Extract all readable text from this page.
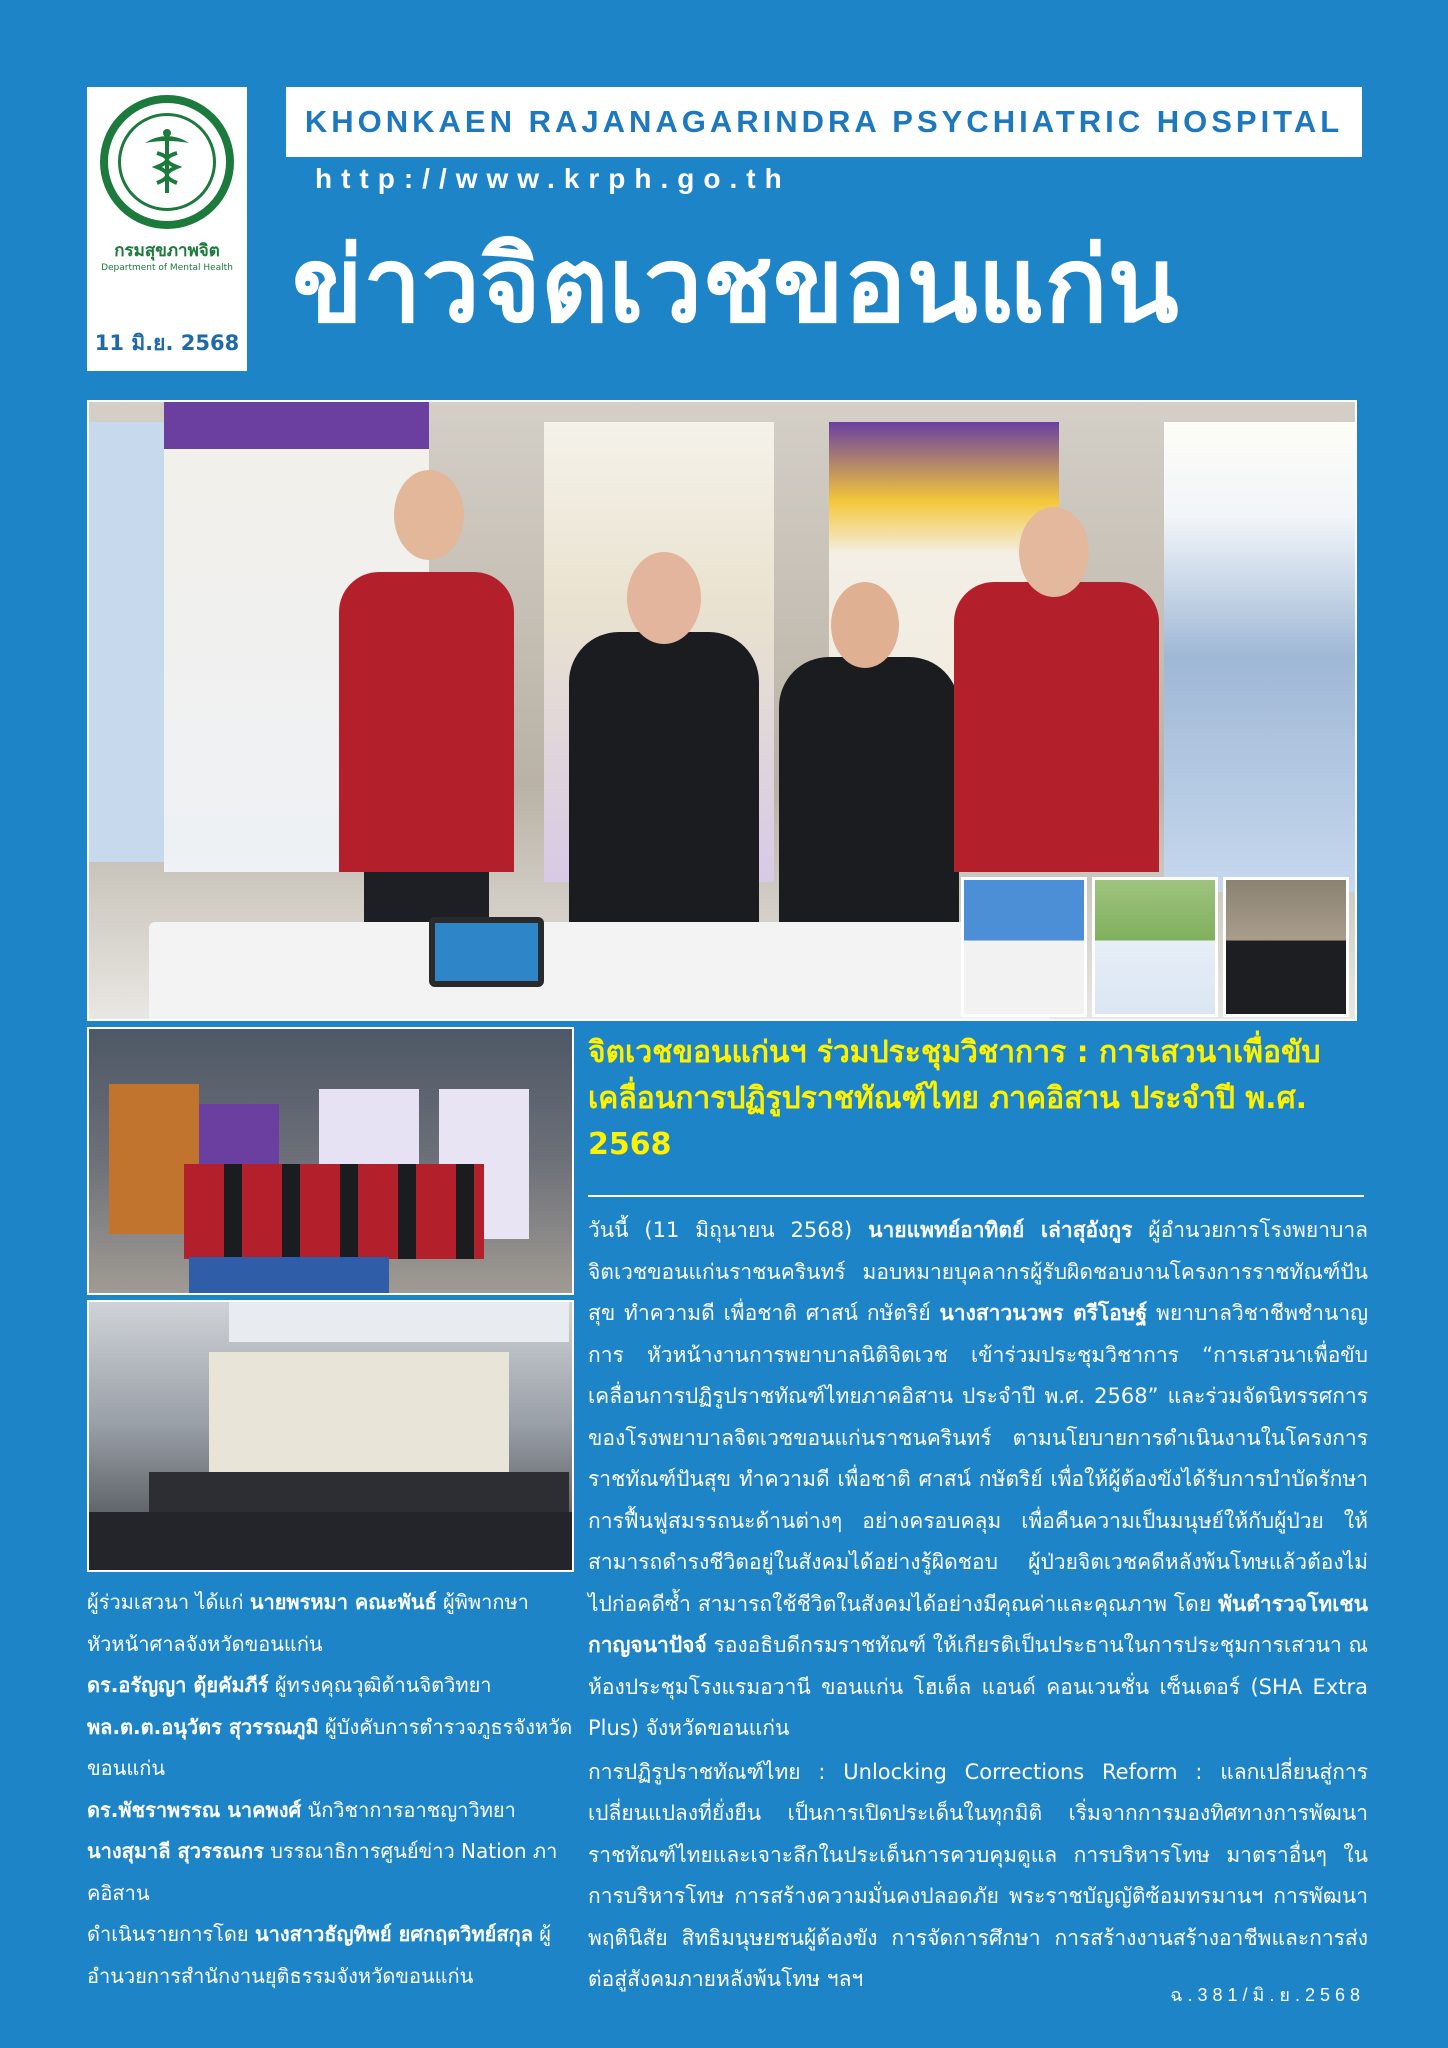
กรมสุขภาพจิต
Department of Mental Health
11 มิ.ย. 2568
KHONKAEN RAJANAGARINDRA PSYCHIATRIC HOSPITAL
http://www.krph.go.th
ข่าวจิตเวชขอนแก่น
จิตเวชขอนแก่นฯ ร่วมประชุมวิชาการ : การเสวนาเพื่อขับเคลื่อนการปฏิรูปราชทัณฑ์ไทย ภาคอิสาน ประจำปี พ.ศ. 2568

วันนี้ (11 มิถุนายน 2568) นายแพทย์อาทิตย์ เล่าสุอังกูร ผู้อำนวยการโรงพยาบาลจิตเวชขอนแก่นราชนครินทร์ มอบหมายบุคลากรผู้รับผิดชอบงานโครงการราชทัณฑ์ปันสุข ทำความดี เพื่อชาติ ศาสน์ กษัตริย์ นางสาวนวพร ตรีโอษฐ์ พยาบาลวิชาชีพชำนาญการ หัวหน้างานการพยาบาลนิติจิตเวช เข้าร่วมประชุมวิชาการ “การเสวนาเพื่อขับเคลื่อนการปฏิรูปราชทัณฑ์ไทยภาคอิสาน ประจำปี พ.ศ. 2568” และร่วมจัดนิทรรศการของโรงพยาบาลจิตเวชขอนแก่นราชนครินทร์ ตามนโยบายการดำเนินงานในโครงการราชทัณฑ์ปันสุข ทำความดี เพื่อชาติ ศาสน์ กษัตริย์ เพื่อให้ผู้ต้องขังได้รับการบำบัดรักษา การฟื้นฟูสมรรถนะด้านต่างๆ อย่างครอบคลุม เพื่อคืนความเป็นมนุษย์ให้กับผู้ป่วย ให้สามารถดำรงชีวิตอยู่ในสังคมได้อย่างรู้ผิดชอบ ผู้ป่วยจิตเวชคดีหลังพ้นโทษแล้วต้องไม่ไปก่อคดีซ้ำ สามารถใช้ชีวิตในสังคมได้อย่างมีคุณค่าและคุณภาพ โดย พันตำรวจโทเชน กาญจนาปัจจ์ รองอธิบดีกรมราชทัณฑ์ ให้เกียรติเป็นประธานในการประชุมการเสวนา ณ ห้องประชุมโรงแรมอวานี ขอนแก่น โฮเต็ล แอนด์ คอนเวนชั่น เซ็นเตอร์ (SHA Extra Plus) จังหวัดขอนแก่น

การปฏิรูปราชทัณฑ์ไทย : Unlocking Corrections Reform : แลกเปลี่ยนสู่การเปลี่ยนแปลงที่ยั่งยืน เป็นการเปิดประเด็นในทุกมิติ เริ่มจากการมองทิศทางการพัฒนาราชทัณฑ์ไทยและเจาะลึกในประเด็นการควบคุมดูแล การบริหารโทษ มาตราอื่นๆ ในการบริหารโทษ การสร้างความมั่นคงปลอดภัย พระราชบัญญัติซ้อมทรมานฯ การพัฒนาพฤตินิสัย สิทธิมนุษยชนผู้ต้องขัง การจัดการศึกษา การสร้างงานสร้างอาชีพและการส่งต่อสู่สังคมภายหลังพ้นโทษ ฯลฯ

ผู้ร่วมเสวนา ได้แก่ นายพรหมา คณะพันธ์ ผู้พิพากษาหัวหน้าศาลจังหวัดขอนแก่น
ดร.อรัญญา ตุ้ยคัมภีร์ ผู้ทรงคุณวุฒิด้านจิตวิทยา
พล.ต.ต.อนุวัตร สุวรรณภูมิ ผู้บังคับการตำรวจภูธรจังหวัดขอนแก่น
ดร.พัชราพรรณ นาคพงศ์ นักวิชาการอาชญาวิทยา
นางสุมาลี สุวรรณกร บรรณาธิการศูนย์ข่าว Nation ภาคอิสาน
ดำเนินรายการโดย นางสาวธัญทิพย์ ยศกฤตวิทย์สกุล ผู้อำนวยการสำนักงานยุติธรรมจังหวัดขอนแก่น
ฉ.381/มิ.ย.2568
